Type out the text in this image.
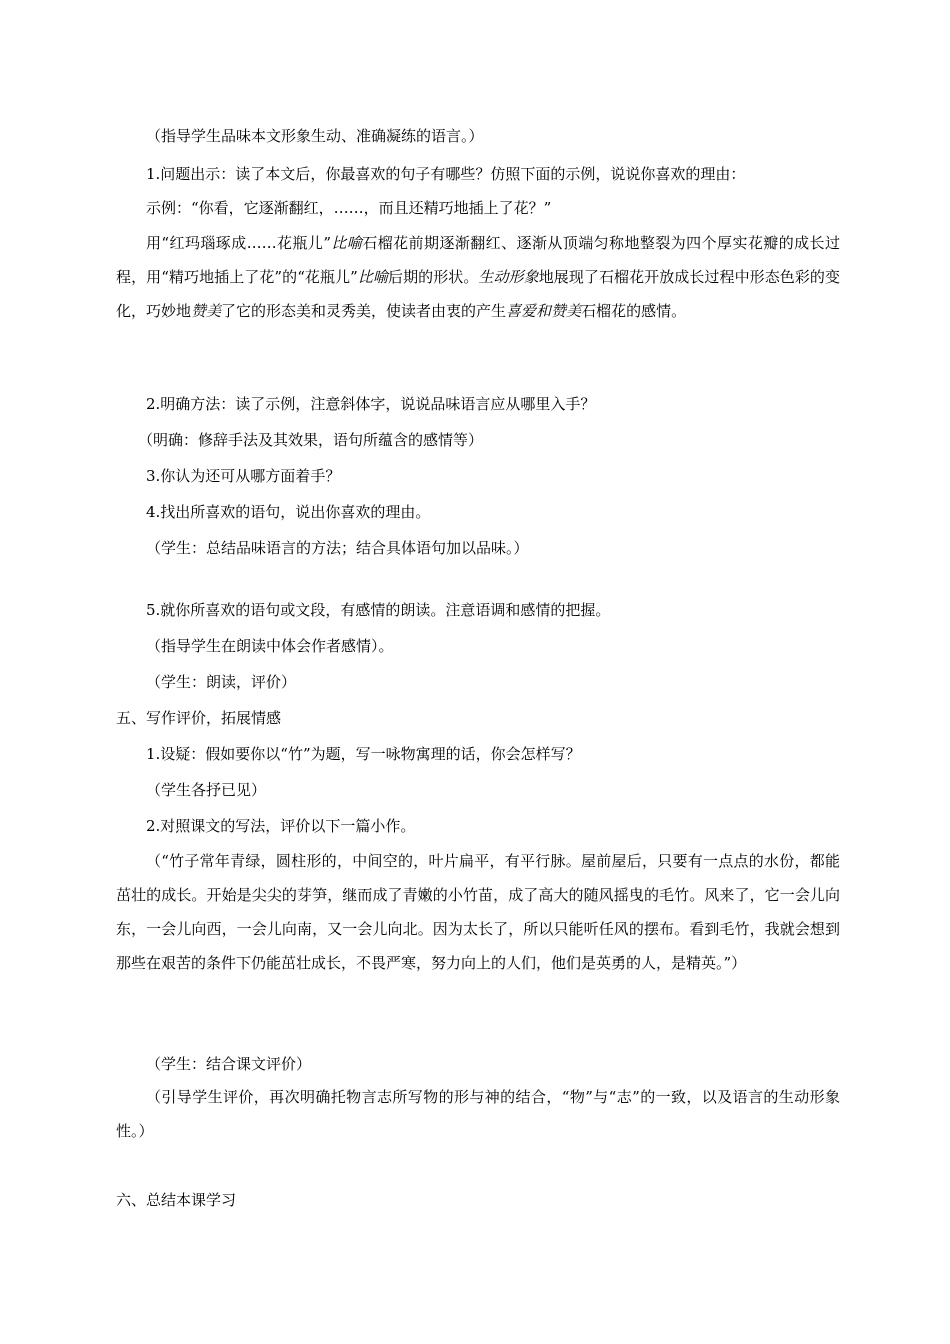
（指导学生品味本文形象生动、准确凝练的语言。）
1.问题出示：读了本文后，你最喜欢的句子有哪些？仿照下面的示例，说说你喜欢的理由：
示例：“你看，它逐渐翻红，……，而且还精巧地插上了花？”
用“红玛瑙琢成……花瓶儿”比喻石榴花前期逐渐翻红、逐渐从顶端匀称地整裂为四个厚实花瓣的成长过程，用“精巧地插上了花”的“花瓶儿”比喻后期的形状。生动形象地展现了石榴花开放成长过程中形态色彩的变化，巧妙地赞美了它的形态美和灵秀美，使读者由衷的产生喜爱和赞美石榴花的感情。
2.明确方法：读了示例，注意斜体字，说说品味语言应从哪里入手？
（明确：修辞手法及其效果，语句所蕴含的感情等）
3.你认为还可从哪方面着手？
4.找出所喜欢的语句，说出你喜欢的理由。
（学生：总结品味语言的方法；结合具体语句加以品味。）
5.就你所喜欢的语句或文段，有感情的朗读。注意语调和感情的把握。
（指导学生在朗读中体会作者感情）。
（学生：朗读，评价）
五、写作评价，拓展情感
1.设疑：假如要你以“竹”为题，写一咏物寓理的话，你会怎样写？
（学生各抒已见）
2.对照课文的写法，评价以下一篇小作。
（“竹子常年青绿，圆柱形的，中间空的，叶片扁平，有平行脉。屋前屋后，只要有一点点的水份，都能茁壮的成长。开始是尖尖的芽笋，继而成了青嫩的小竹苗，成了高大的随风摇曳的毛竹。风来了，它一会儿向东，一会儿向西，一会儿向南，又一会儿向北。因为太长了，所以只能听任风的摆布。看到毛竹，我就会想到那些在艰苦的条件下仍能茁壮成长，不畏严寒，努力向上的人们，他们是英勇的人，是精英。”）
（学生：结合课文评价）
（引导学生评价，再次明确托物言志所写物的形与神的结合，“物”与“志”的一致，以及语言的生动形象性。）
六、总结本课学习
